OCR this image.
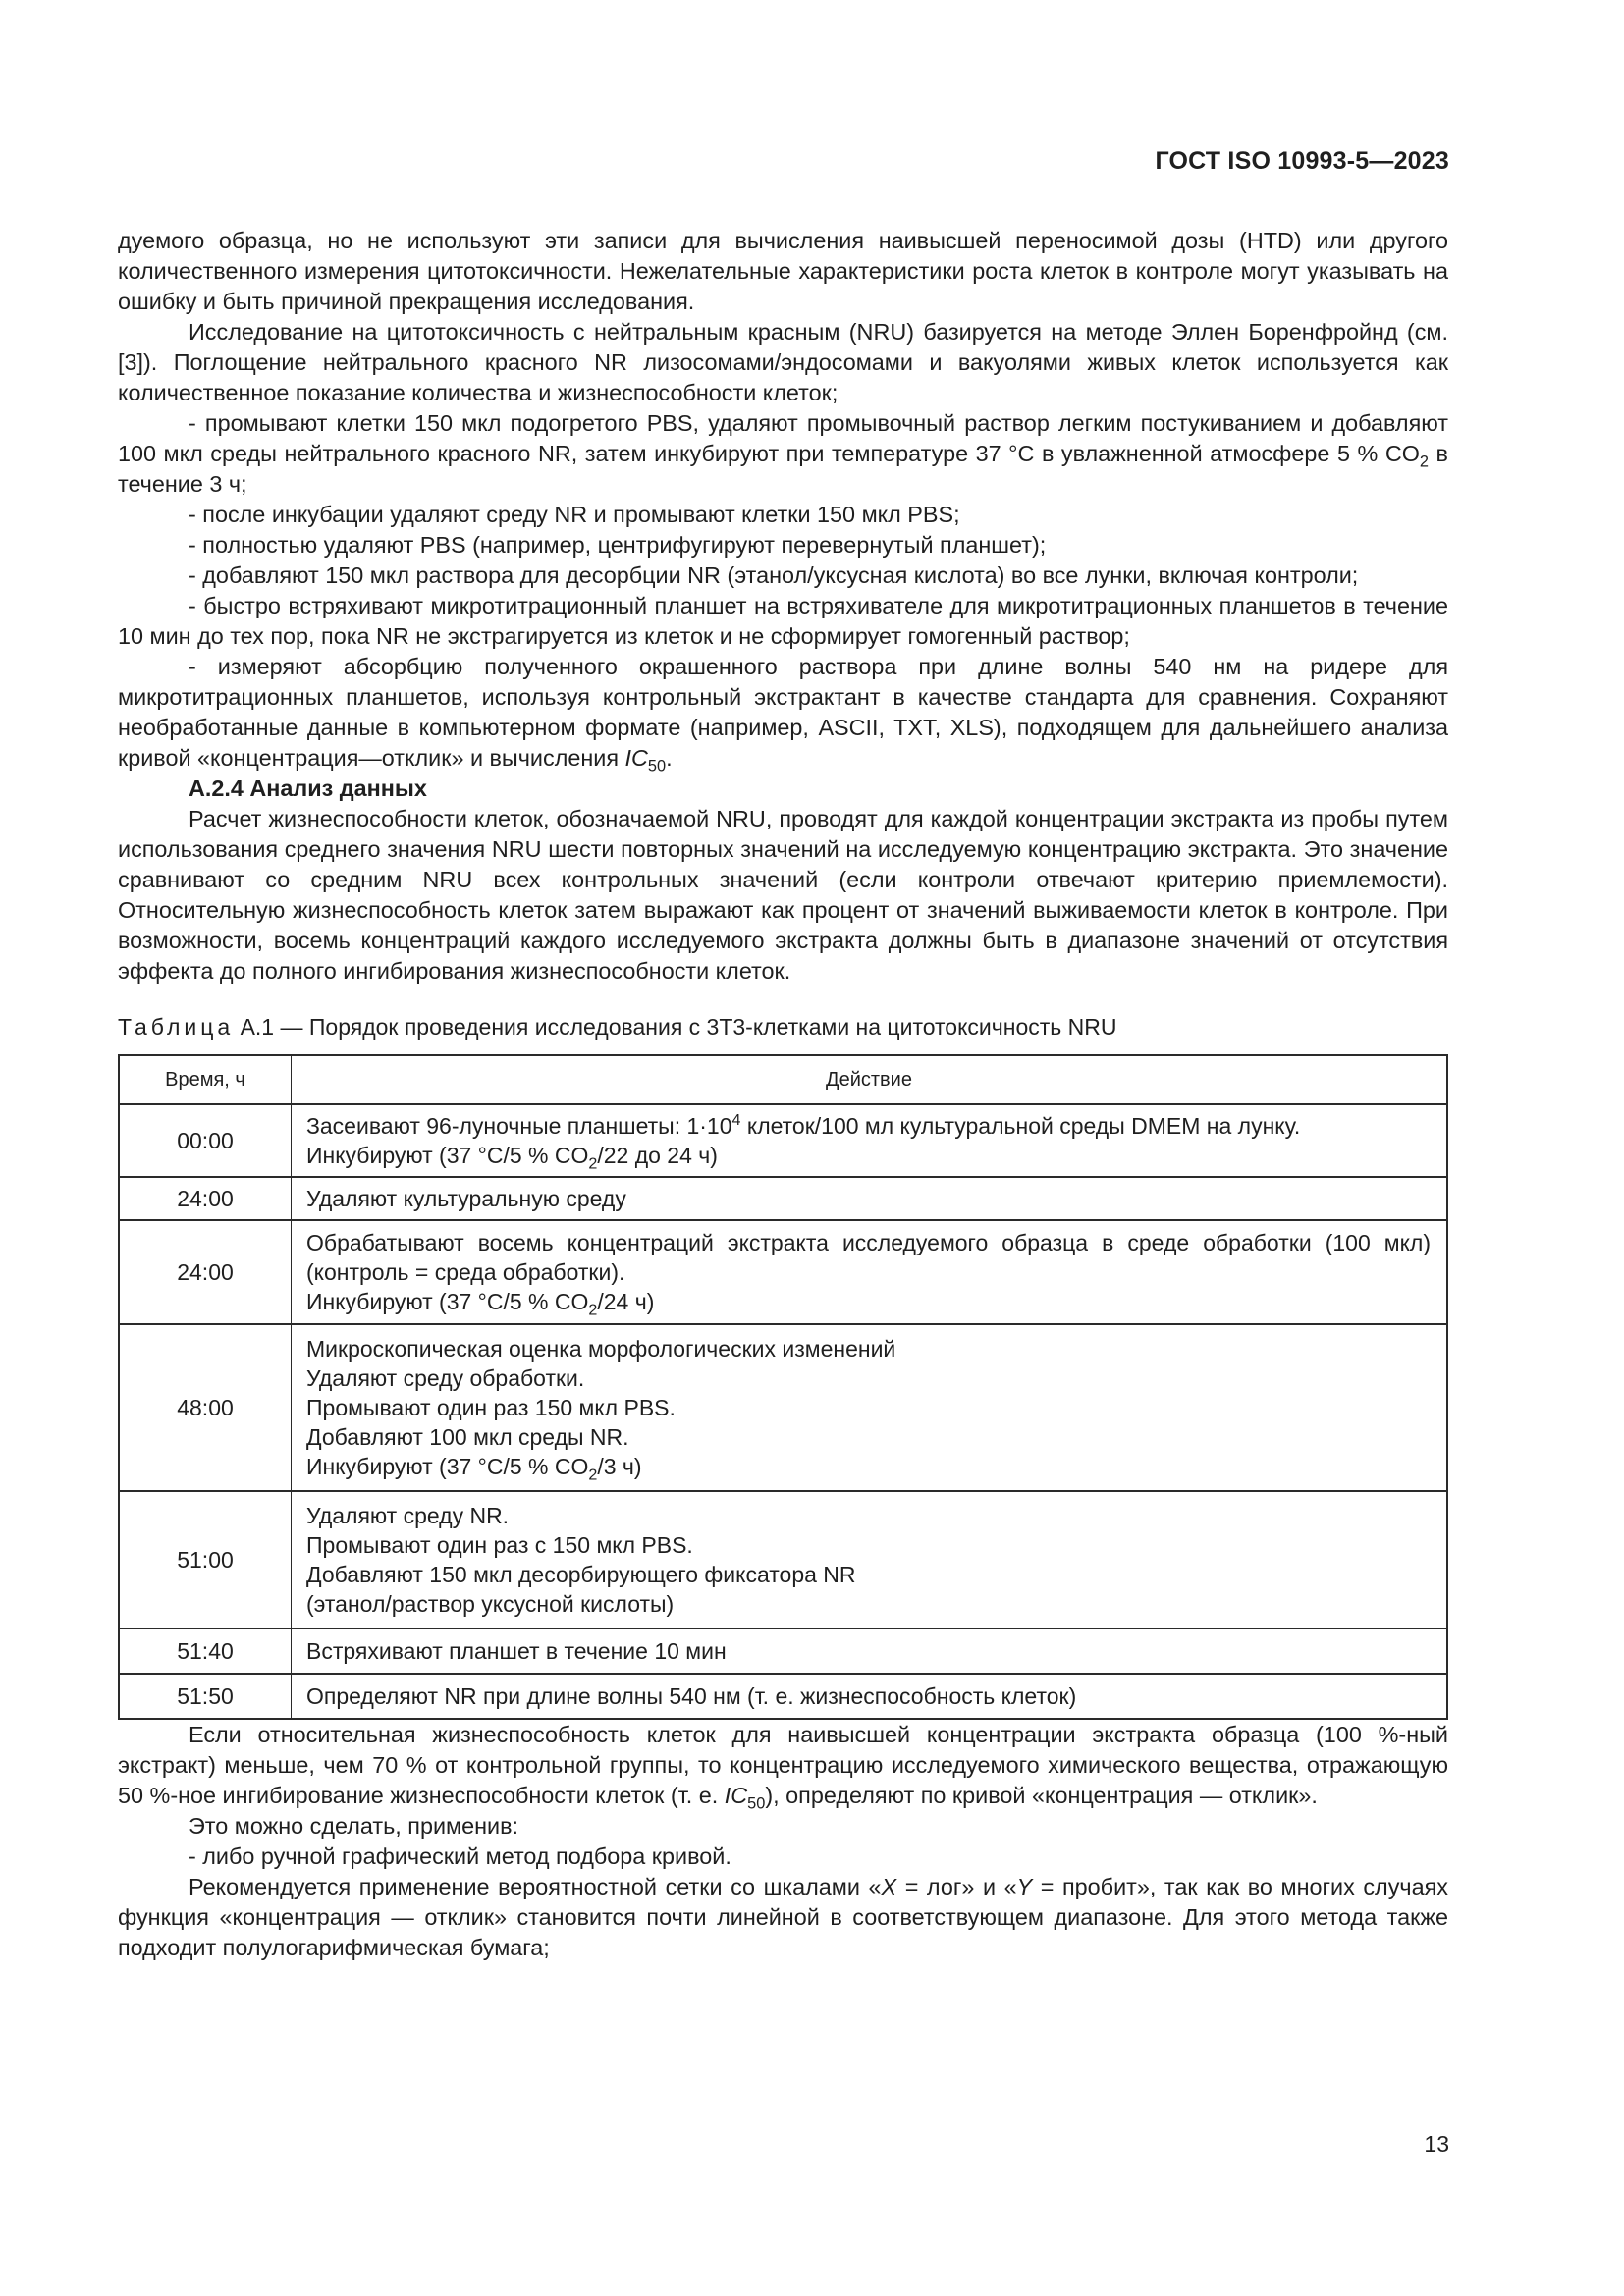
ГОСТ ISO 10993-5—2023

дуемого образца, но не используют эти записи для вычисления наивысшей переносимой дозы (HTD) или другого количественного измерения цитотоксичности. Нежелательные характеристики роста клеток в контроле могут указывать на ошибку и быть причиной прекращения исследования.

Исследование на цитотоксичность с нейтральным красным (NRU) базируется на методе Эллен Боренфройнд (см. [3]). Поглощение нейтрального красного NR лизосомами/эндосомами и вакуолями живых клеток используется как количественное показание количества и жизнеспособности клеток;

- промывают клетки 150 мкл подогретого PBS, удаляют промывочный раствор легким постукиванием и добавляют 100 мкл среды нейтрального красного NR, затем инкубируют при температуре 37 °С в увлажненной атмосфере 5 % $CO_2$ в течение 3 ч;

- после инкубации удаляют среду NR и промывают клетки 150 мкл PBS;

- полностью удаляют PBS (например, центрифугируют перевернутый планшет);

- добавляют 150 мкл раствора для десорбции NR (этанол/уксусная кислота) во все лунки, включая контроли;

- быстро встряхивают микротитрационный планшет на встряхивателе для микротитрационных планшетов в течение 10 мин до тех пор, пока NR не экстрагируется из клеток и не сформирует гомогенный раствор;

- измеряют абсорбцию полученного окрашенного раствора при длине волны 540 нм на ридере для микротитрационных планшетов, используя контрольный экстрактант в качестве стандарта для сравнения. Сохраняют необработанные данные в компьютерном формате (например, ASCII, TXT, XLS), подходящем для дальнейшего анализа кривой «концентрация—отклик» и вычисления $IC_{50}$.

А.2.4 Анализ данных

Расчет жизнеспособности клеток, обозначаемой NRU, проводят для каждой концентрации экстракта из пробы путем использования среднего значения NRU шести повторных значений на исследуемую концентрацию экстракта. Это значение сравнивают со средним NRU всех контрольных значений (если контроли отвечают критерию приемлемости). Относительную жизнеспособность клеток затем выражают как процент от значений выживаемости клеток в контроле. При возможности, восемь концентраций каждого исследуемого экстракта должны быть в диапазоне значений от отсутствия эффекта до полного ингибирования жизнеспособности клеток.

Таблица А.1 — Порядок проведения исследования с 3Т3-клетками на цитотоксичность NRU

Время, ч	Действие
00:00	Засеивают 96-луночные планшеты: $1\cdot 10^4$ клеток/100 мл культуральной среды DMEM на лунку.
Инкубируют (37 °С/5 % $CO_2/22$ до 24 ч)

24:00	Удаляют культуральную среду

24:00	Обрабатывают восемь концентраций экстракта исследуемого образца в среде обработки (100 мкл) (контроль = среда обработки).
Инкубируют (37 °С/5 % $CO_2/24$ ч)

48:00	Микроскопическая оценка морфологических изменений
Удаляют среду обработки.
Промывают один раз 150 мкл PBS.
Добавляют 100 мкл среды NR.
Инкубируют (37 °С/5 % $CO_2/3$ ч)

51:00	Удаляют среду NR.
Промывают один раз с 150 мкл PBS.
Добавляют 150 мкл десорбирующего фиксатора NR
(этанол/раствор уксусной кислоты)

51:40	Встряхивают планшет в течение 10 мин

51:50	Определяют NR при длине волны 540 нм (т. е. жизнеспособность клеток)

Если относительная жизнеспособность клеток для наивысшей концентрации экстракта образца (100 %-ный экстракт) меньше, чем 70 % от контрольной группы, то концентрацию исследуемого химического вещества, отражающую 50 %-ное ингибирование жизнеспособности клеток (т. е. $IC_{50}$), определяют по кривой «концентрация — отклик».

Это можно сделать, применив:

- либо ручной графический метод подбора кривой.

Рекомендуется применение вероятностной сетки со шкалами «X = лог» и «Y = пробит», так как во многих случаях функция «концентрация — отклик» становится почти линейной в соответствующем диапазоне. Для этого метода также подходит полулогарифмическая бумага;

13
